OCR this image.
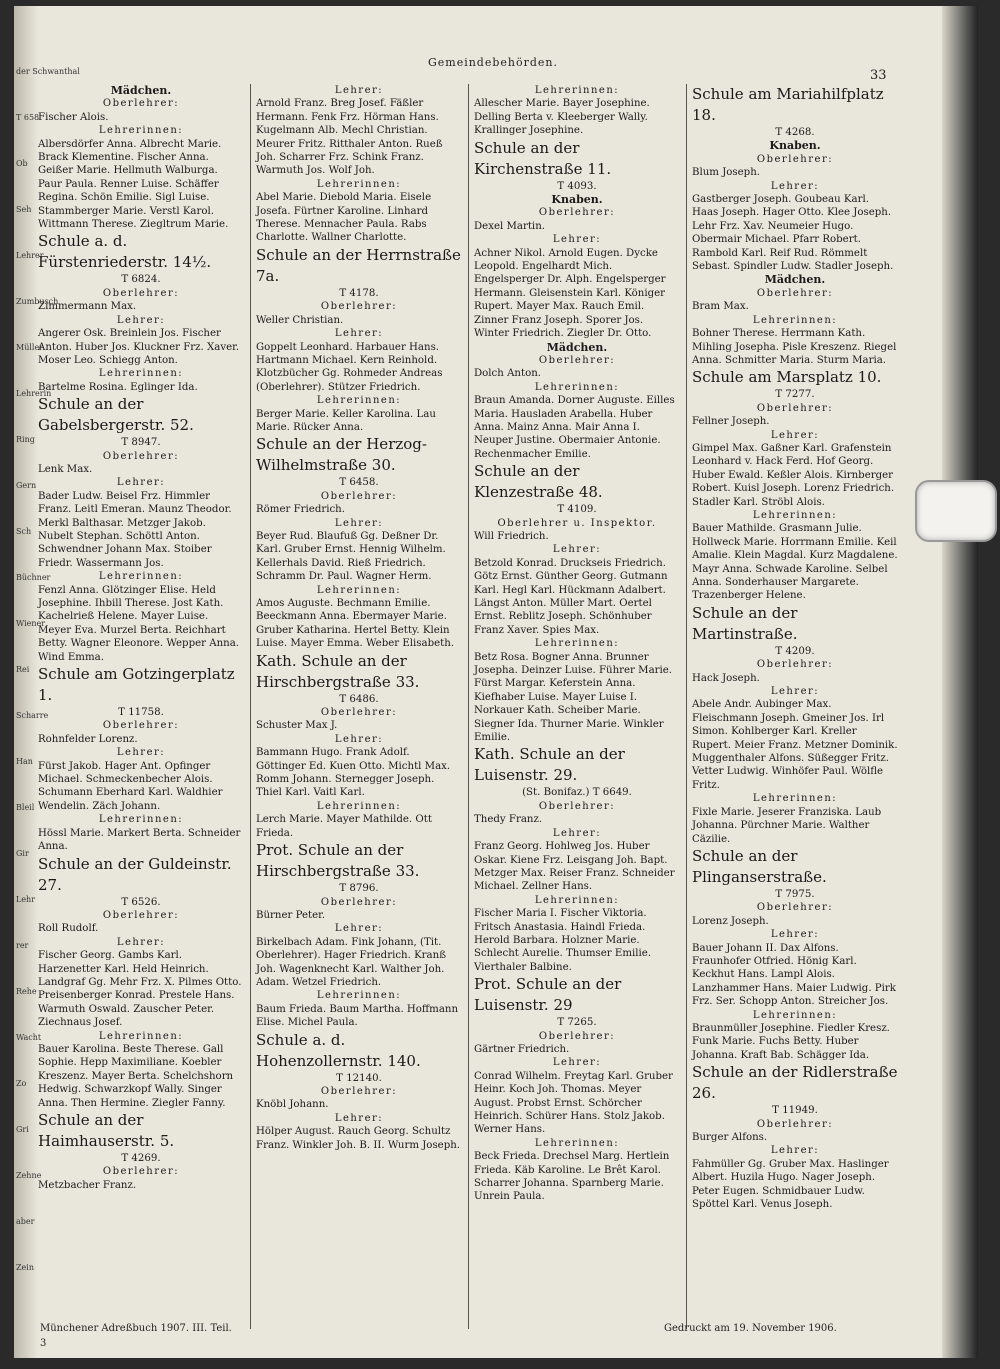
der Schwanthal
T 658
Ob
Seh
Lehrer
Zumbusch
Müller
Lehrerin
Ring
Gern
Sch
Büchner
Wiener
Rei
Scharre
Han
Bleil
Gir
Lehr
rer
Rehe
Wacht
Zo
Gri
Zehne
aber
Zein
Gemeindebehörden.
33

Mädchen.

Oberlehrer:

Fischer Alois.

Lehrerinnen:

Albersdörfer Anna. Albrecht Marie. Brack Klementine. Fischer Anna. Geißer Marie. Hellmuth Walburga. Paur Paula. Renner Luise. Schäffer Regina. Schön Emilie. Sigl Luise. Stammberger Marie. Verstl Karol. Wittmann Therese. Ziegltrum Marie.

Schule a. d. Fürstenriederstr. 14½.

T 6824.

Oberlehrer:

Zimmermann Max.

Lehrer:

Angerer Osk. Breinlein Jos. Fischer Anton. Huber Jos. Kluckner Frz. Xaver. Moser Leo. Schiegg Anton.

Lehrerinnen:

Bartelme Rosina. Eglinger Ida.

Schule an der Gabelsbergerstr. 52.

T 8947.

Oberlehrer:

Lenk Max.

Lehrer:

Bader Ludw. Beisel Frz. Himmler Franz. Leitl Emeran. Maunz Theodor. Merkl Balthasar. Metzger Jakob. Nubelt Stephan. Schöttl Anton. Schwendner Johann Max. Stoiber Friedr. Wassermann Jos.

Lehrerinnen:

Fenzl Anna. Glötzinger Elise. Held Josephine. Ihbill Therese. Jost Kath. Kachelrieß Helene. Mayer Luise. Meyer Eva. Murzel Berta. Reichhart Betty. Wagner Eleonore. Wepper Anna. Wind Emma.

Schule am Gotzingerplatz 1.

T 11758.

Oberlehrer:

Rohnfelder Lorenz.

Lehrer:

Fürst Jakob. Hager Ant. Opfinger Michael. Schmeckenbecher Alois. Schumann Eberhard Karl. Waldhier Wendelin. Zäch Johann.

Lehrerinnen:

Hössl Marie. Markert Berta. Schneider Anna.

Schule an der Guldeinstr. 27.

T 6526.

Oberlehrer:

Roll Rudolf.

Lehrer:

Fischer Georg. Gambs Karl. Harzenetter Karl. Held Heinrich. Landgraf Gg. Mehr Frz. X. Pilmes Otto. Preisenberger Konrad. Prestele Hans. Warmuth Oswald. Zauscher Peter. Ziechnaus Josef.

Lehrerinnen:

Bauer Karolina. Beste Therese. Gall Sophie. Hepp Maximiliane. Koebler Kreszenz. Mayer Berta. Schelchshorn Hedwig. Schwarzkopf Wally. Singer Anna. Then Hermine. Ziegler Fanny.

Schule an der Haimhauserstr. 5.

T 4269.

Oberlehrer:

Metzbacher Franz.

Lehrer:

Arnold Franz. Breg Josef. Fäßler Hermann. Fenk Frz. Hörman Hans. Kugelmann Alb. Mechl Christian. Meurer Fritz. Ritthaler Anton. Rueß Joh. Scharrer Frz. Schink Franz. Warmuth Jos. Wolf Joh.

Lehrerinnen:

Abel Marie. Diebold Maria. Eisele Josefa. Fürtner Karoline. Linhard Therese. Mennacher Paula. Rabs Charlotte. Wallner Charlotte.

Schule an der Herrnstraße 7a.

T 4178.

Oberlehrer:

Weller Christian.

Lehrer:

Goppelt Leonhard. Harbauer Hans. Hartmann Michael. Kern Reinhold. Klotzbücher Gg. Rohmeder Andreas (Oberlehrer). Stützer Friedrich.

Lehrerinnen:

Berger Marie. Keller Karolina. Lau Marie. Rücker Anna.

Schule an der Herzog-Wilhelmstraße 30.

T 6458.

Oberlehrer:

Römer Friedrich.

Lehrer:

Beyer Rud. Blaufuß Gg. Deßner Dr. Karl. Gruber Ernst. Hennig Wilhelm. Kellerhals David. Rieß Friedrich. Schramm Dr. Paul. Wagner Herm.

Lehrerinnen:

Amos Auguste. Bechmann Emilie. Beeckmann Anna. Ebermayer Marie. Gruber Katharina. Hertel Betty. Klein Luise. Mayer Emma. Weber Elisabeth.

Kath. Schule an der Hirschbergstraße 33.

T 6486.

Oberlehrer:

Schuster Max J.

Lehrer:

Bammann Hugo. Frank Adolf. Göttinger Ed. Kuen Otto. Michtl Max. Romm Johann. Sternegger Joseph. Thiel Karl. Vaitl Karl.

Lehrerinnen:

Lerch Marie. Mayer Mathilde. Ott Frieda.

Prot. Schule an der Hirschbergstraße 33.

T 8796.

Oberlehrer:

Bürner Peter.

Lehrer:

Birkelbach Adam. Fink Johann, (Tit. Oberlehrer). Hager Friedrich. Kranß Joh. Wagenknecht Karl. Walther Joh. Adam. Wetzel Friedrich.

Lehrerinnen:

Baum Frieda. Baum Martha. Hoffmann Elise. Michel Paula.

Schule a. d. Hohenzollernstr. 140.

T 12140.

Oberlehrer:

Knöbl Johann.

Lehrer:

Hölper August. Rauch Georg. Schultz Franz. Winkler Joh. B. II. Wurm Joseph.

Lehrerinnen:

Allescher Marie. Bayer Josephine. Delling Berta v. Kleeberger Wally. Krallinger Josephine.

Schule an der Kirchenstraße 11.

T 4093.

Knaben.

Oberlehrer:

Dexel Martin.

Lehrer:

Achner Nikol. Arnold Eugen. Dycke Leopold. Engelhardt Mich. Engelsperger Dr. Alph. Engelsperger Hermann. Gleisenstein Karl. Königer Rupert. Mayer Max. Rauch Emil. Zinner Franz Joseph. Sporer Jos. Winter Friedrich. Ziegler Dr. Otto.

Mädchen.

Oberlehrer:

Dolch Anton.

Lehrerinnen:

Braun Amanda. Dorner Auguste. Eilles Maria. Hausladen Arabella. Huber Anna. Mainz Anna. Mair Anna I. Neuper Justine. Obermaier Antonie. Rechenmacher Emilie.

Schule an der Klenzestraße 48.

T 4109.

Oberlehrer u. Inspektor.

Will Friedrich.

Lehrer:

Betzold Konrad. Druckseis Friedrich. Götz Ernst. Günther Georg. Gutmann Karl. Hegl Karl. Hückmann Adalbert. Längst Anton. Müller Mart. Oertel Ernst. Reblitz Joseph. Schönhuber Franz Xaver. Spies Max.

Lehrerinnen:

Betz Rosa. Bogner Anna. Brunner Josepha. Deinzer Luise. Führer Marie. Fürst Margar. Keferstein Anna. Kiefhaber Luise. Mayer Luise I. Norkauer Kath. Scheiber Marie. Siegner Ida. Thurner Marie. Winkler Emilie.

Kath. Schule an der Luisenstr. 29.

(St. Bonifaz.) T 6649.

Oberlehrer:

Thedy Franz.

Lehrer:

Franz Georg. Hohlweg Jos. Huber Oskar. Kiene Frz. Leisgang Joh. Bapt. Metzger Max. Reiser Franz. Schneider Michael. Zellner Hans.

Lehrerinnen:

Fischer Maria I. Fischer Viktoria. Fritsch Anastasia. Haindl Frieda. Herold Barbara. Holzner Marie. Schlecht Aurelie. Thumser Emilie. Vierthaler Balbine.

Prot. Schule an der Luisenstr. 29

T 7265.

Oberlehrer:

Gärtner Friedrich.

Lehrer:

Conrad Wilhelm. Freytag Karl. Gruber Heinr. Koch Joh. Thomas. Meyer August. Probst Ernst. Schörcher Heinrich. Schürer Hans. Stolz Jakob. Werner Hans.

Lehrerinnen:

Beck Frieda. Drechsel Marg. Hertlein Frieda. Käb Karoline. Le Brêt Karol. Scharrer Johanna. Sparnberg Marie. Unrein Paula.

Schule am Mariahilfplatz 18.

T 4268.

Knaben.

Oberlehrer:

Blum Joseph.

Lehrer:

Gastberger Joseph. Goubeau Karl. Haas Joseph. Hager Otto. Klee Joseph. Lehr Frz. Xav. Neumeier Hugo. Obermair Michael. Pfarr Robert. Rambold Karl. Reif Rud. Römmelt Sebast. Spindler Ludw. Stadler Joseph.

Mädchen.

Oberlehrer:

Bram Max.

Lehrerinnen:

Bohner Therese. Herrmann Kath. Mihling Josepha. Pisle Kreszenz. Riegel Anna. Schmitter Maria. Sturm Maria.

Schule am Marsplatz 10.

T 7277.

Oberlehrer:

Fellner Joseph.

Lehrer:

Gimpel Max. Gaßner Karl. Grafenstein Leonhard v. Hack Ferd. Hof Georg. Huber Ewald. Keßler Alois. Kirnberger Robert. Kuisl Joseph. Lorenz Friedrich. Stadler Karl. Ströbl Alois.

Lehrerinnen:

Bauer Mathilde. Grasmann Julie. Hollweck Marie. Horrmann Emilie. Keil Amalie. Klein Magdal. Kurz Magdalene. Mayr Anna. Schwade Karoline. Selbel Anna. Sonderhauser Margarete. Trazenberger Helene.

Schule an der Martinstraße.

T 4209.

Oberlehrer:

Hack Joseph.

Lehrer:

Abele Andr. Aubinger Max. Fleischmann Joseph. Gmeiner Jos. Irl Simon. Kohlberger Karl. Kreller Rupert. Meier Franz. Metzner Dominik. Muggenthaler Alfons. Süßegger Fritz. Vetter Ludwig. Winhöfer Paul. Wölfle Fritz.

Lehrerinnen:

Fixle Marie. Jeserer Franziska. Laub Johanna. Pürchner Marie. Walther Cäzilie.

Schule an der Plinganserstraße.

T 7975.

Oberlehrer:

Lorenz Joseph.

Lehrer:

Bauer Johann II. Dax Alfons. Fraunhofer Otfried. Hönig Karl. Keckhut Hans. Lampl Alois. Lanzhammer Hans. Maier Ludwig. Pirk Frz. Ser. Schopp Anton. Streicher Jos.

Lehrerinnen:

Braunmüller Josephine. Fiedler Kresz. Funk Marie. Fuchs Betty. Huber Johanna. Kraft Bab. Schägger Ida.

Schule an der Ridlerstraße 26.

T 11949.

Oberlehrer:

Burger Alfons.

Lehrer:

Fahmüller Gg. Gruber Max. Haslinger Albert. Huzila Hugo. Nager Joseph. Peter Eugen. Schmidbauer Ludw. Spöttel Karl. Venus Joseph.

Münchener Adreßbuch 1907. III. Teil.
3
Gedruckt am 19. November 1906.
